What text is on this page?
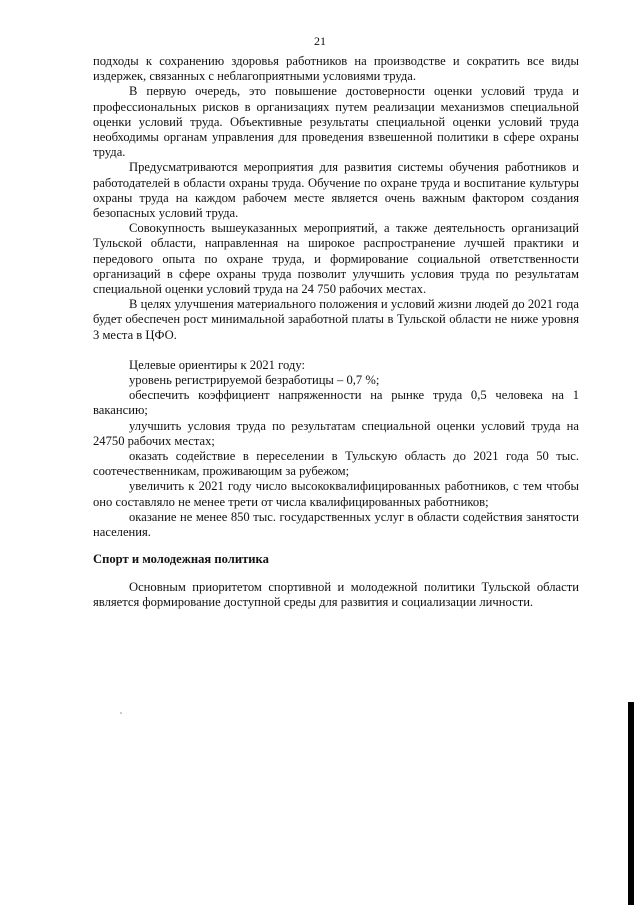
21

подходы к сохранению здоровья работников на производстве и сократить все виды издержек, связанных с неблагоприятными условиями труда.

В первую очередь, это повышение достоверности оценки условий труда и профессиональных рисков в организациях путем реализации механизмов специальной оценки условий труда. Объективные результаты специальной оценки условий труда необходимы органам управления для проведения взвешенной политики в сфере охраны труда.

Предусматриваются мероприятия для развития системы обучения работников и работодателей в области охраны труда. Обучение по охране труда и воспитание культуры охраны труда на каждом рабочем месте является очень важным фактором создания безопасных условий труда.

Совокупность вышеуказанных мероприятий, а также деятельность организаций Тульской области, направленная на широкое распространение лучшей практики и передового опыта по охране труда, и формирование социальной ответственности организаций в сфере охраны труда позволит улучшить условия труда по результатам специальной оценки условий труда на 24 750 рабочих местах.

В целях улучшения материального положения и условий жизни людей до 2021 года будет обеспечен рост минимальной заработной платы в Тульской области не ниже уровня 3 места в ЦФО.

Целевые ориентиры к 2021 году:

уровень регистрируемой безработицы – 0,7 %;

обеспечить коэффициент напряженности на рынке труда 0,5 человека на 1 вакансию;

улучшить условия труда по результатам специальной оценки условий труда на 24750 рабочих местах;

оказать содействие в переселении в Тульскую область до 2021 года 50 тыс. соотечественникам, проживающим за рубежом;

увеличить к 2021 году число высококвалифицированных работников, с тем чтобы оно составляло не менее трети от числа квалифицированных работников;

оказание не менее 850 тыс. государственных услуг в области содействия занятости населения.

Спорт и молодежная политика

Основным приоритетом спортивной и молодежной политики Тульской области является формирование доступной среды для развития и социализации личности.
